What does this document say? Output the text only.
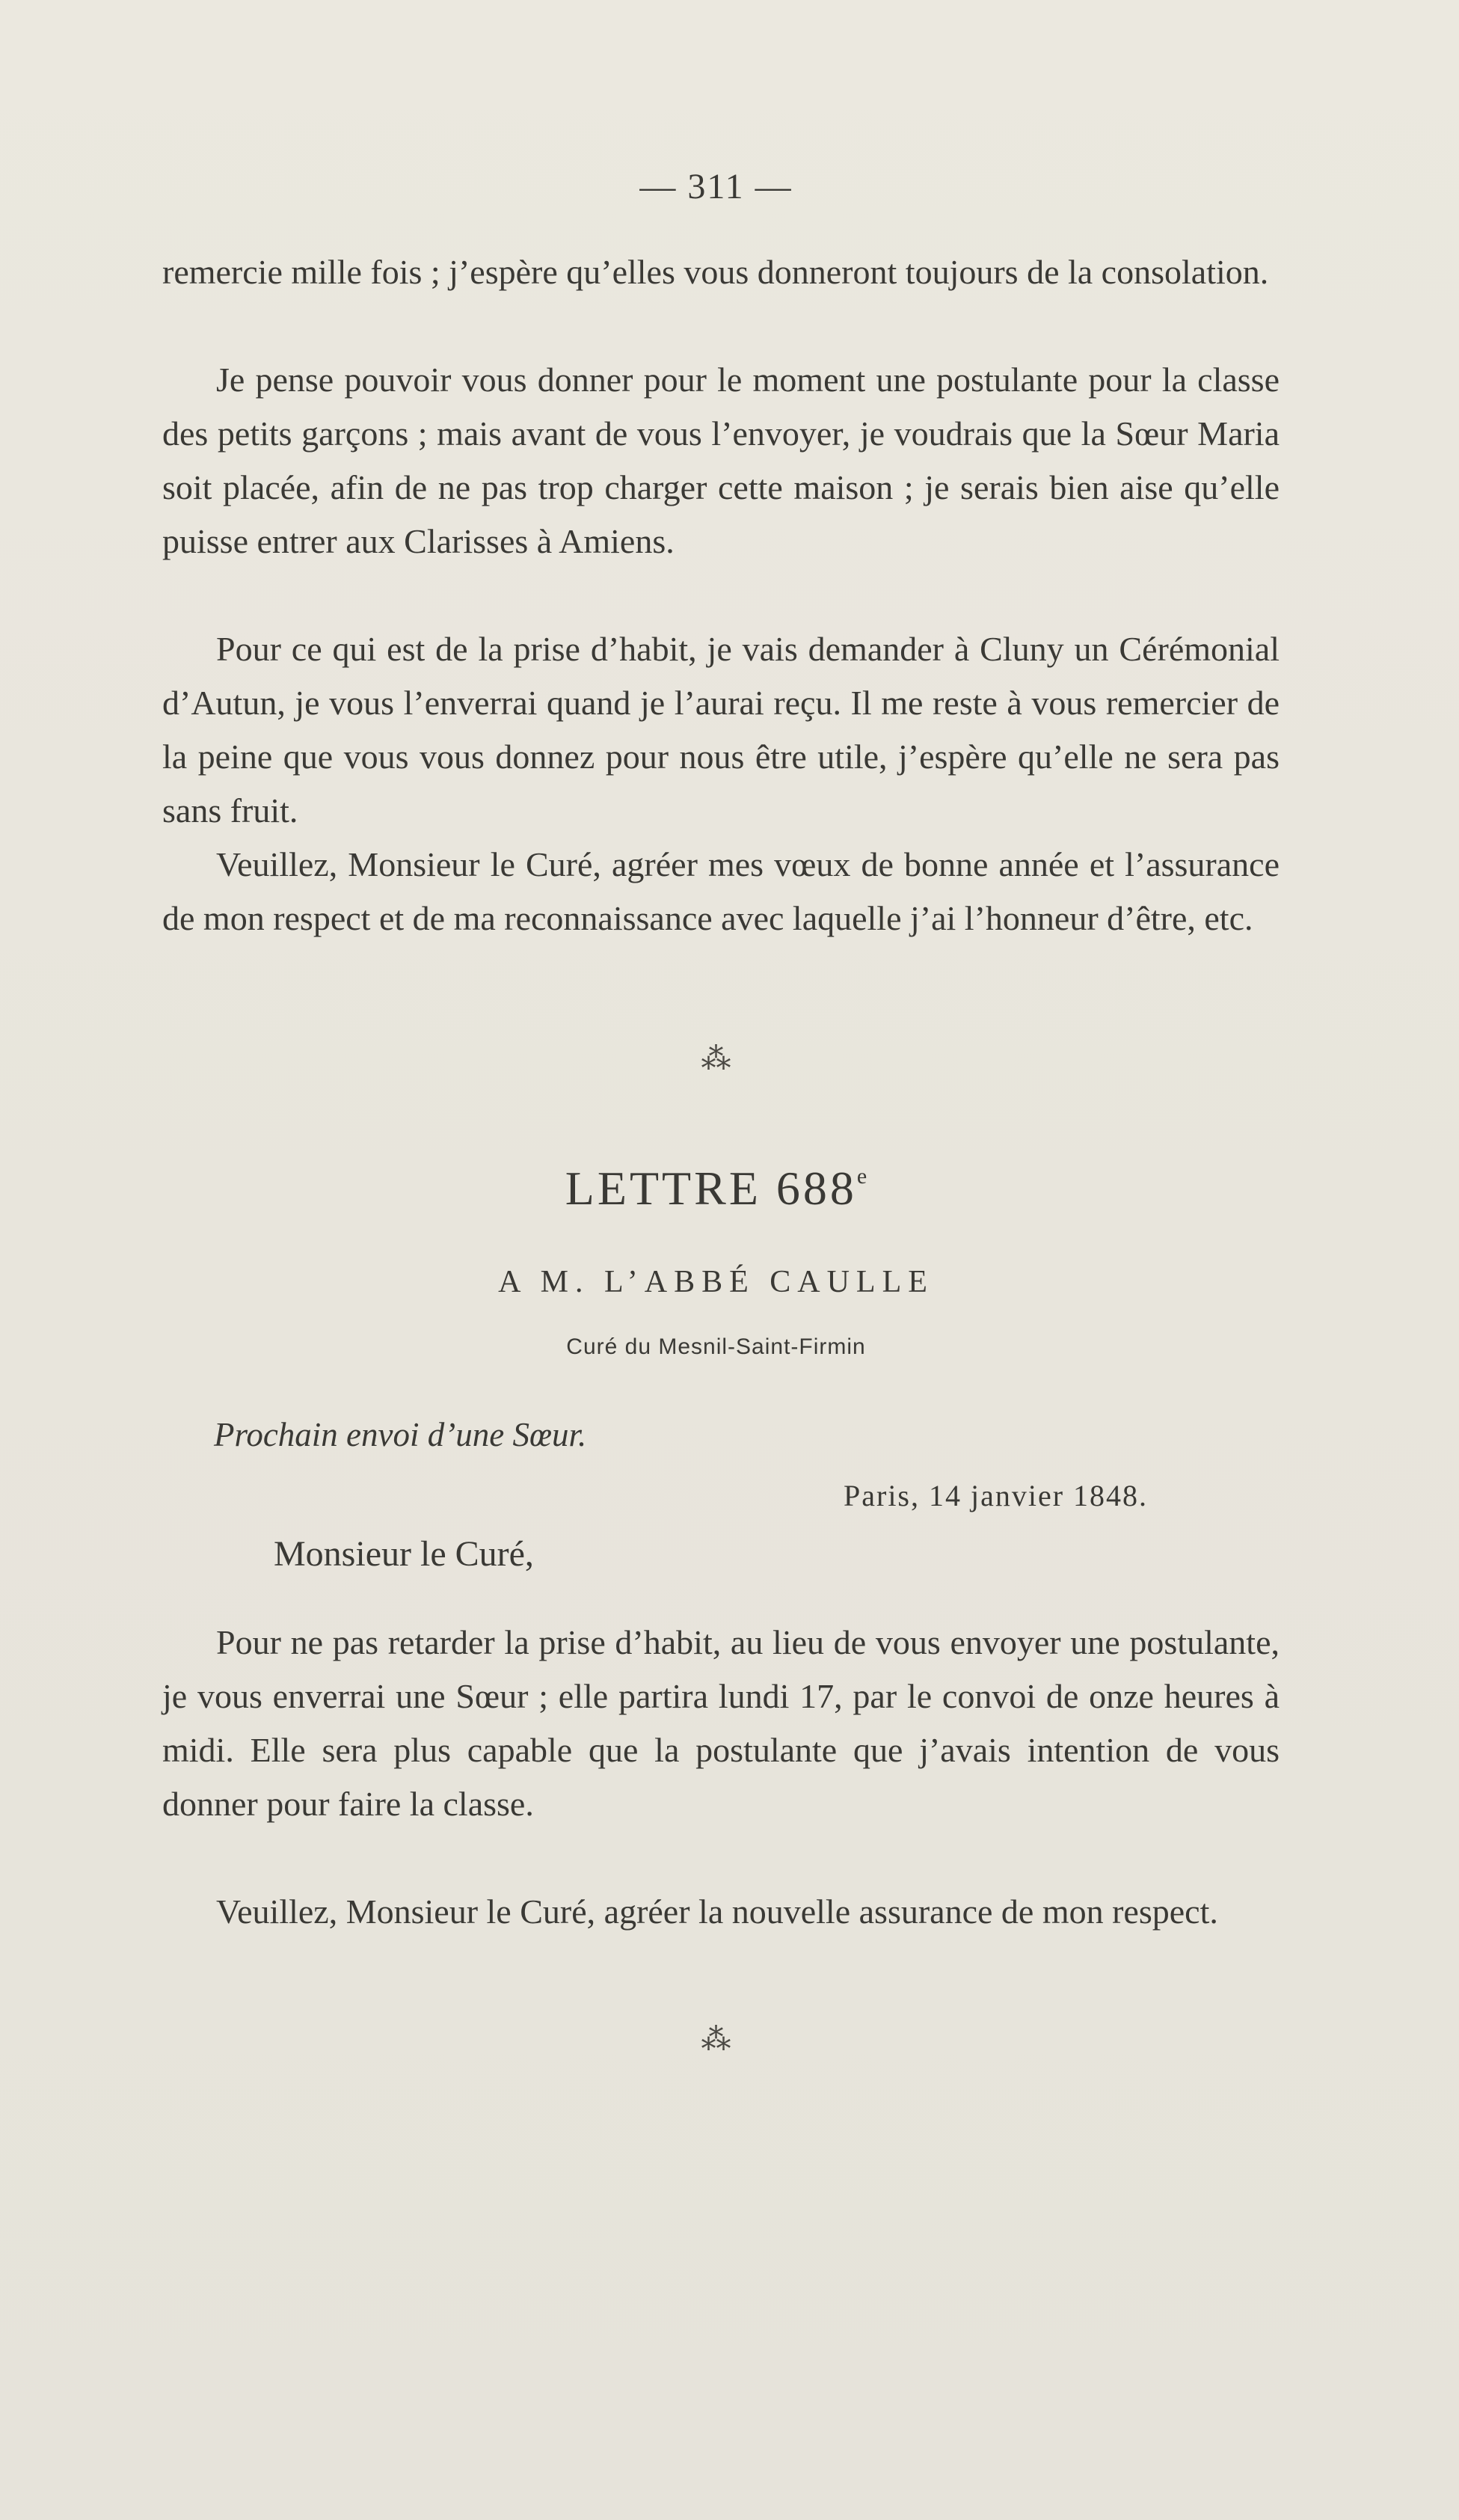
— 311 —

remercie mille fois ; j’espère qu’elles vous donneront toujours de la consolation.

Je pense pouvoir vous donner pour le moment une postulante pour la classe des petits garçons ; mais avant de vous l’envoyer, je voudrais que la Sœur Maria soit placée, afin de ne pas trop charger cette maison ; je serais bien aise qu’elle puisse entrer aux Clarisses à Amiens.

Pour ce qui est de la prise d’habit, je vais demander à Cluny un Cérémonial d’Autun, je vous l’enverrai quand je l’aurai reçu. Il me reste à vous remercier de la peine que vous vous donnez pour nous être utile, j’espère qu’elle ne sera pas sans fruit.

Veuillez, Monsieur le Curé, agréer mes vœux de bonne année et l’assurance de mon respect et de ma reconnaissance avec laquelle j’ai l’honneur d’être, etc.

⁂
LETTRE 688e
A M. L’ABBÉ CAULLE
Curé du Mesnil-Saint-Firmin
Prochain envoi d’une Sœur.
Paris, 14 janvier 1848.
Monsieur le Curé,

Pour ne pas retarder la prise d’habit, au lieu de vous envoyer une postulante, je vous enverrai une Sœur ; elle partira lundi 17, par le convoi de onze heures à midi. Elle sera plus capable que la postulante que j’avais intention de vous donner pour faire la classe.

Veuillez, Monsieur le Curé, agréer la nouvelle assurance de mon respect.

⁂
